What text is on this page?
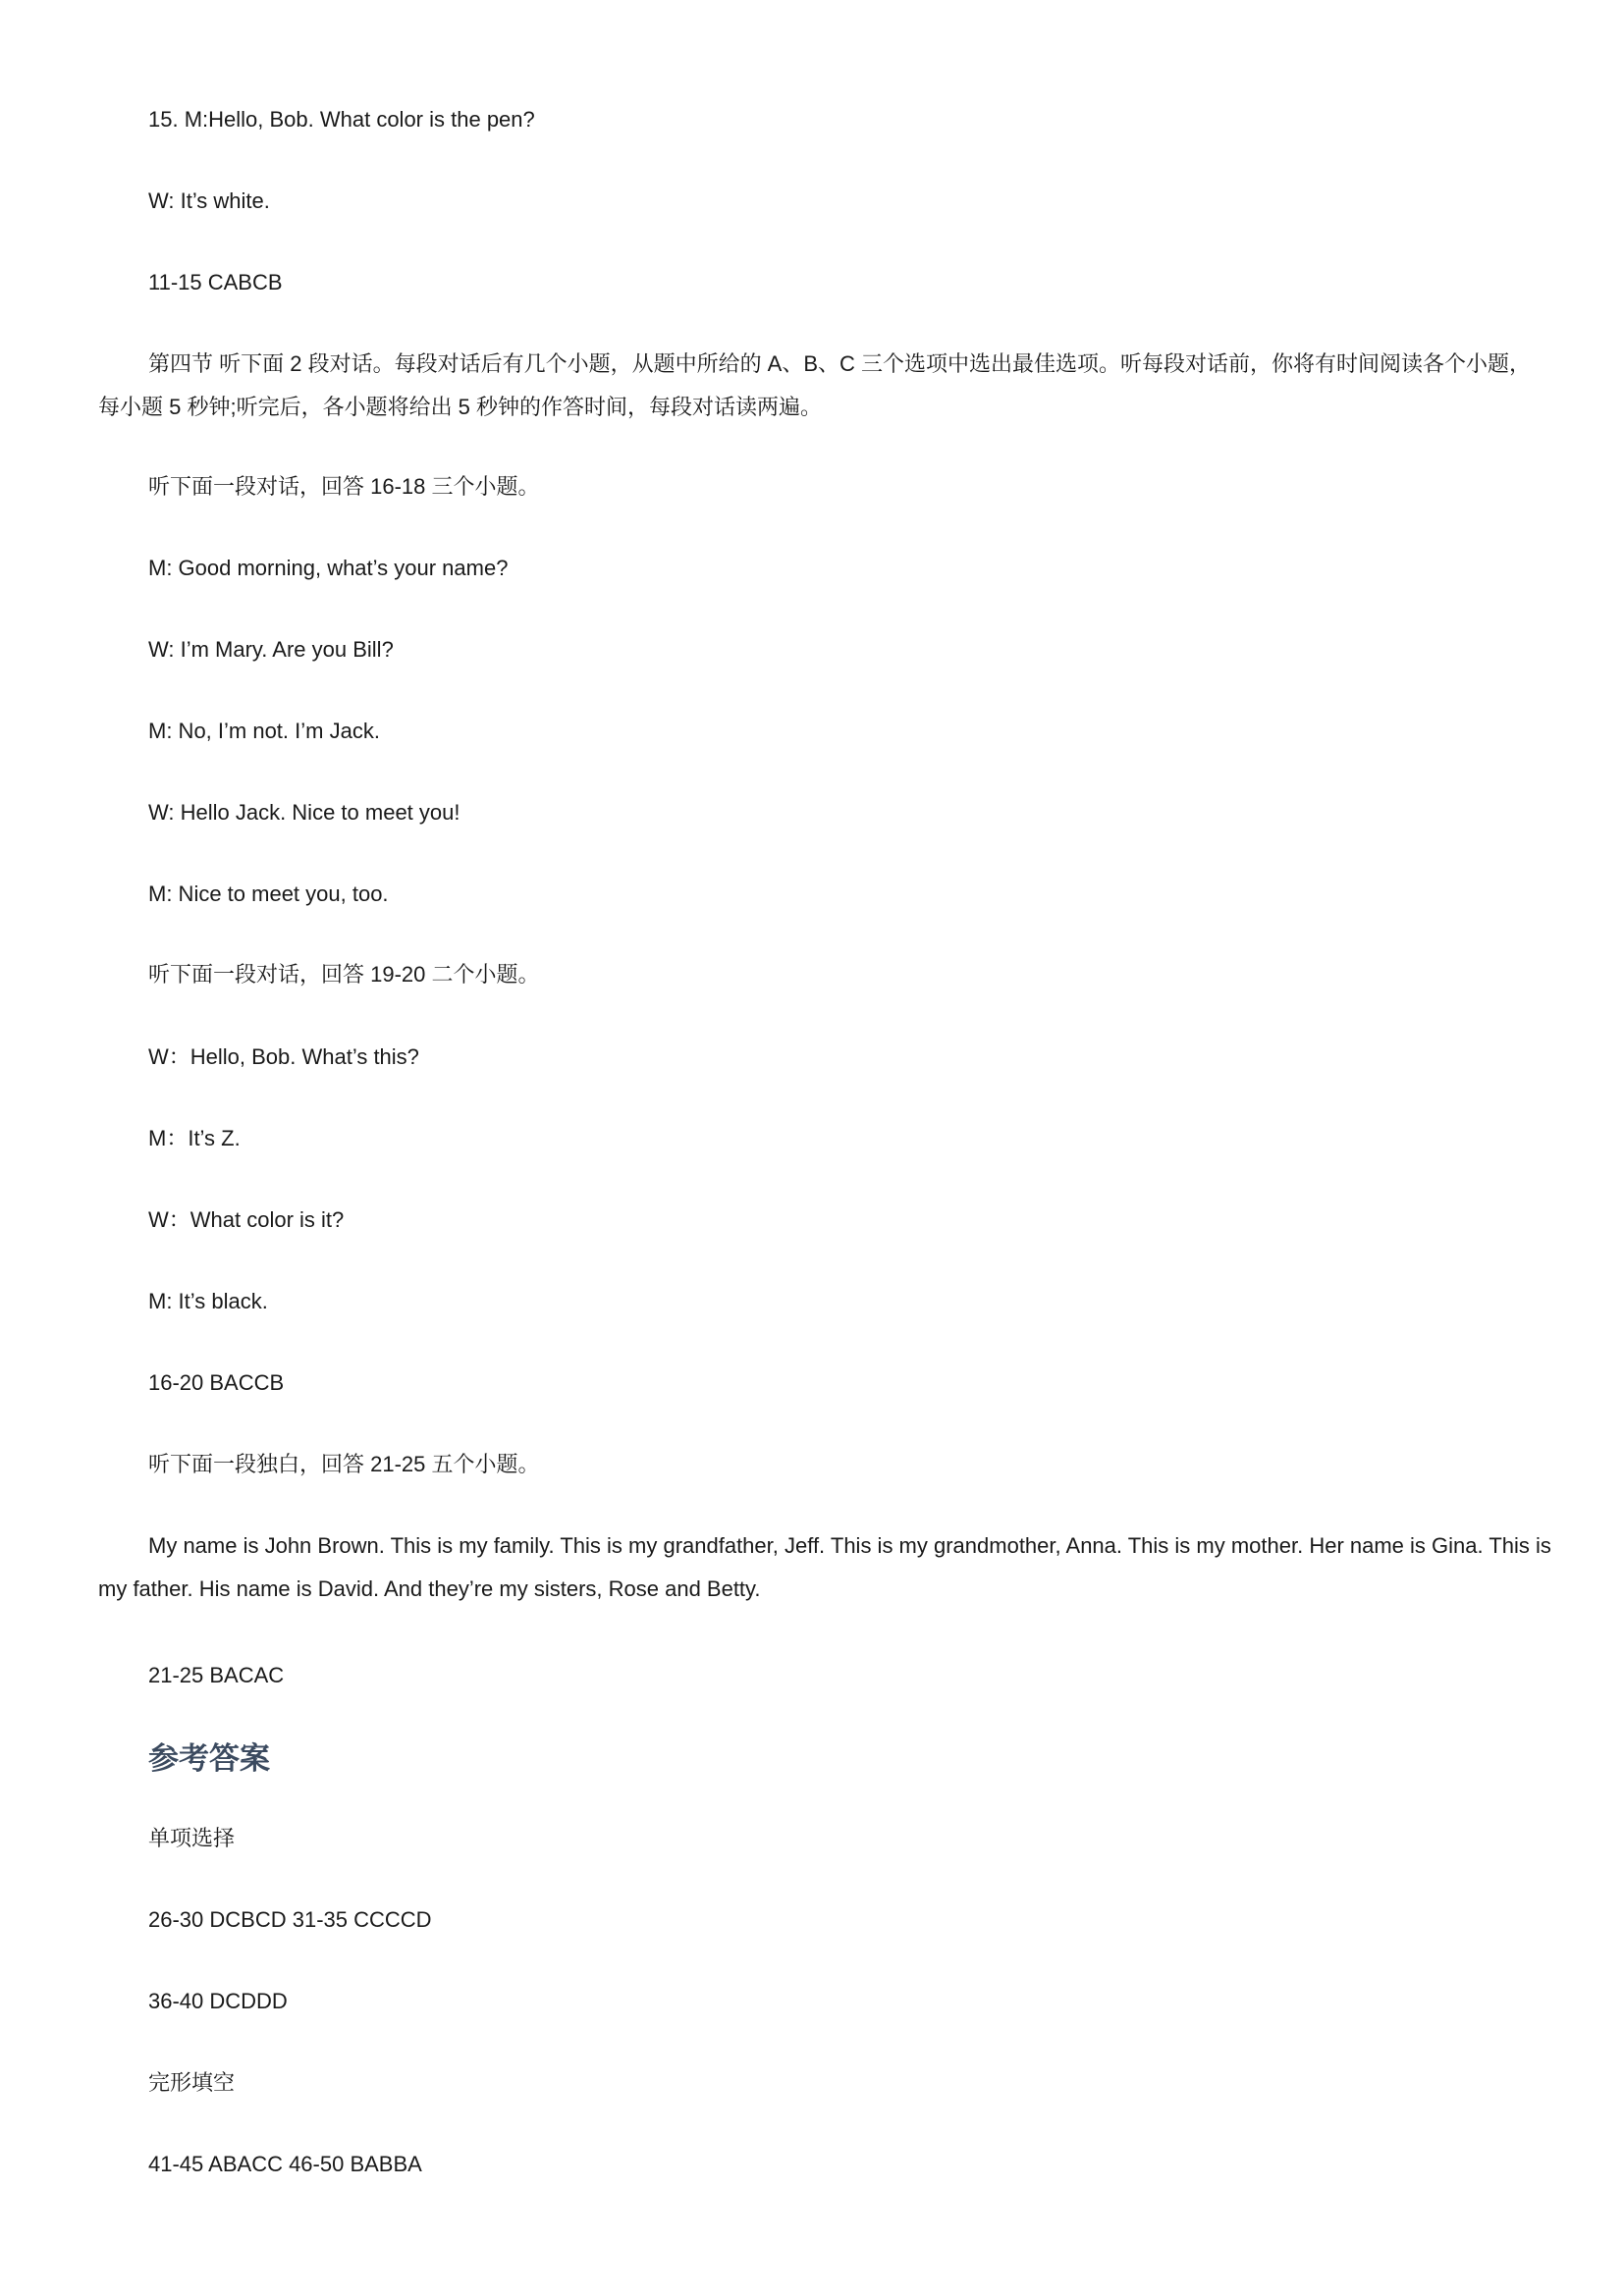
15. M:Hello, Bob. What color is the pen?
W: It’s white.
11-15 CABCB
第四节 听下面 2 段对话。每段对话后有几个小题，从题中所给的 A、B、C 三个选项中选出最佳选项。听每段对话前，你将有时间阅读各个小题，每小题 5 秒钟;听完后，各小题将给出 5 秒钟的作答时间，每段对话读两遍。
听下面一段对话，回答 16-18 三个小题。
M: Good morning, what’s your name?
W: I’m Mary. Are you Bill?
M: No, I’m not. I’m Jack.
W: Hello Jack. Nice to meet you!
M: Nice to meet you, too.
听下面一段对话，回答 19-20 二个小题。
W：Hello, Bob. What’s this?
M：It’s Z.
W：What color is it?
M: It’s black.
16-20 BACCB
听下面一段独白，回答 21-25 五个小题。
My name is John Brown. This is my family. This is my grandfather, Jeff. This is my grandmother, Anna. This is my mother. Her name is Gina. This is my father. His name is David. And they’re my sisters, Rose and Betty.
21-25 BACAC
参考答案
单项选择
26-30 DCBCD 31-35 CCCCD
36-40 DCDDD
完形填空
41-45 ABACC 46-50 BABBA
